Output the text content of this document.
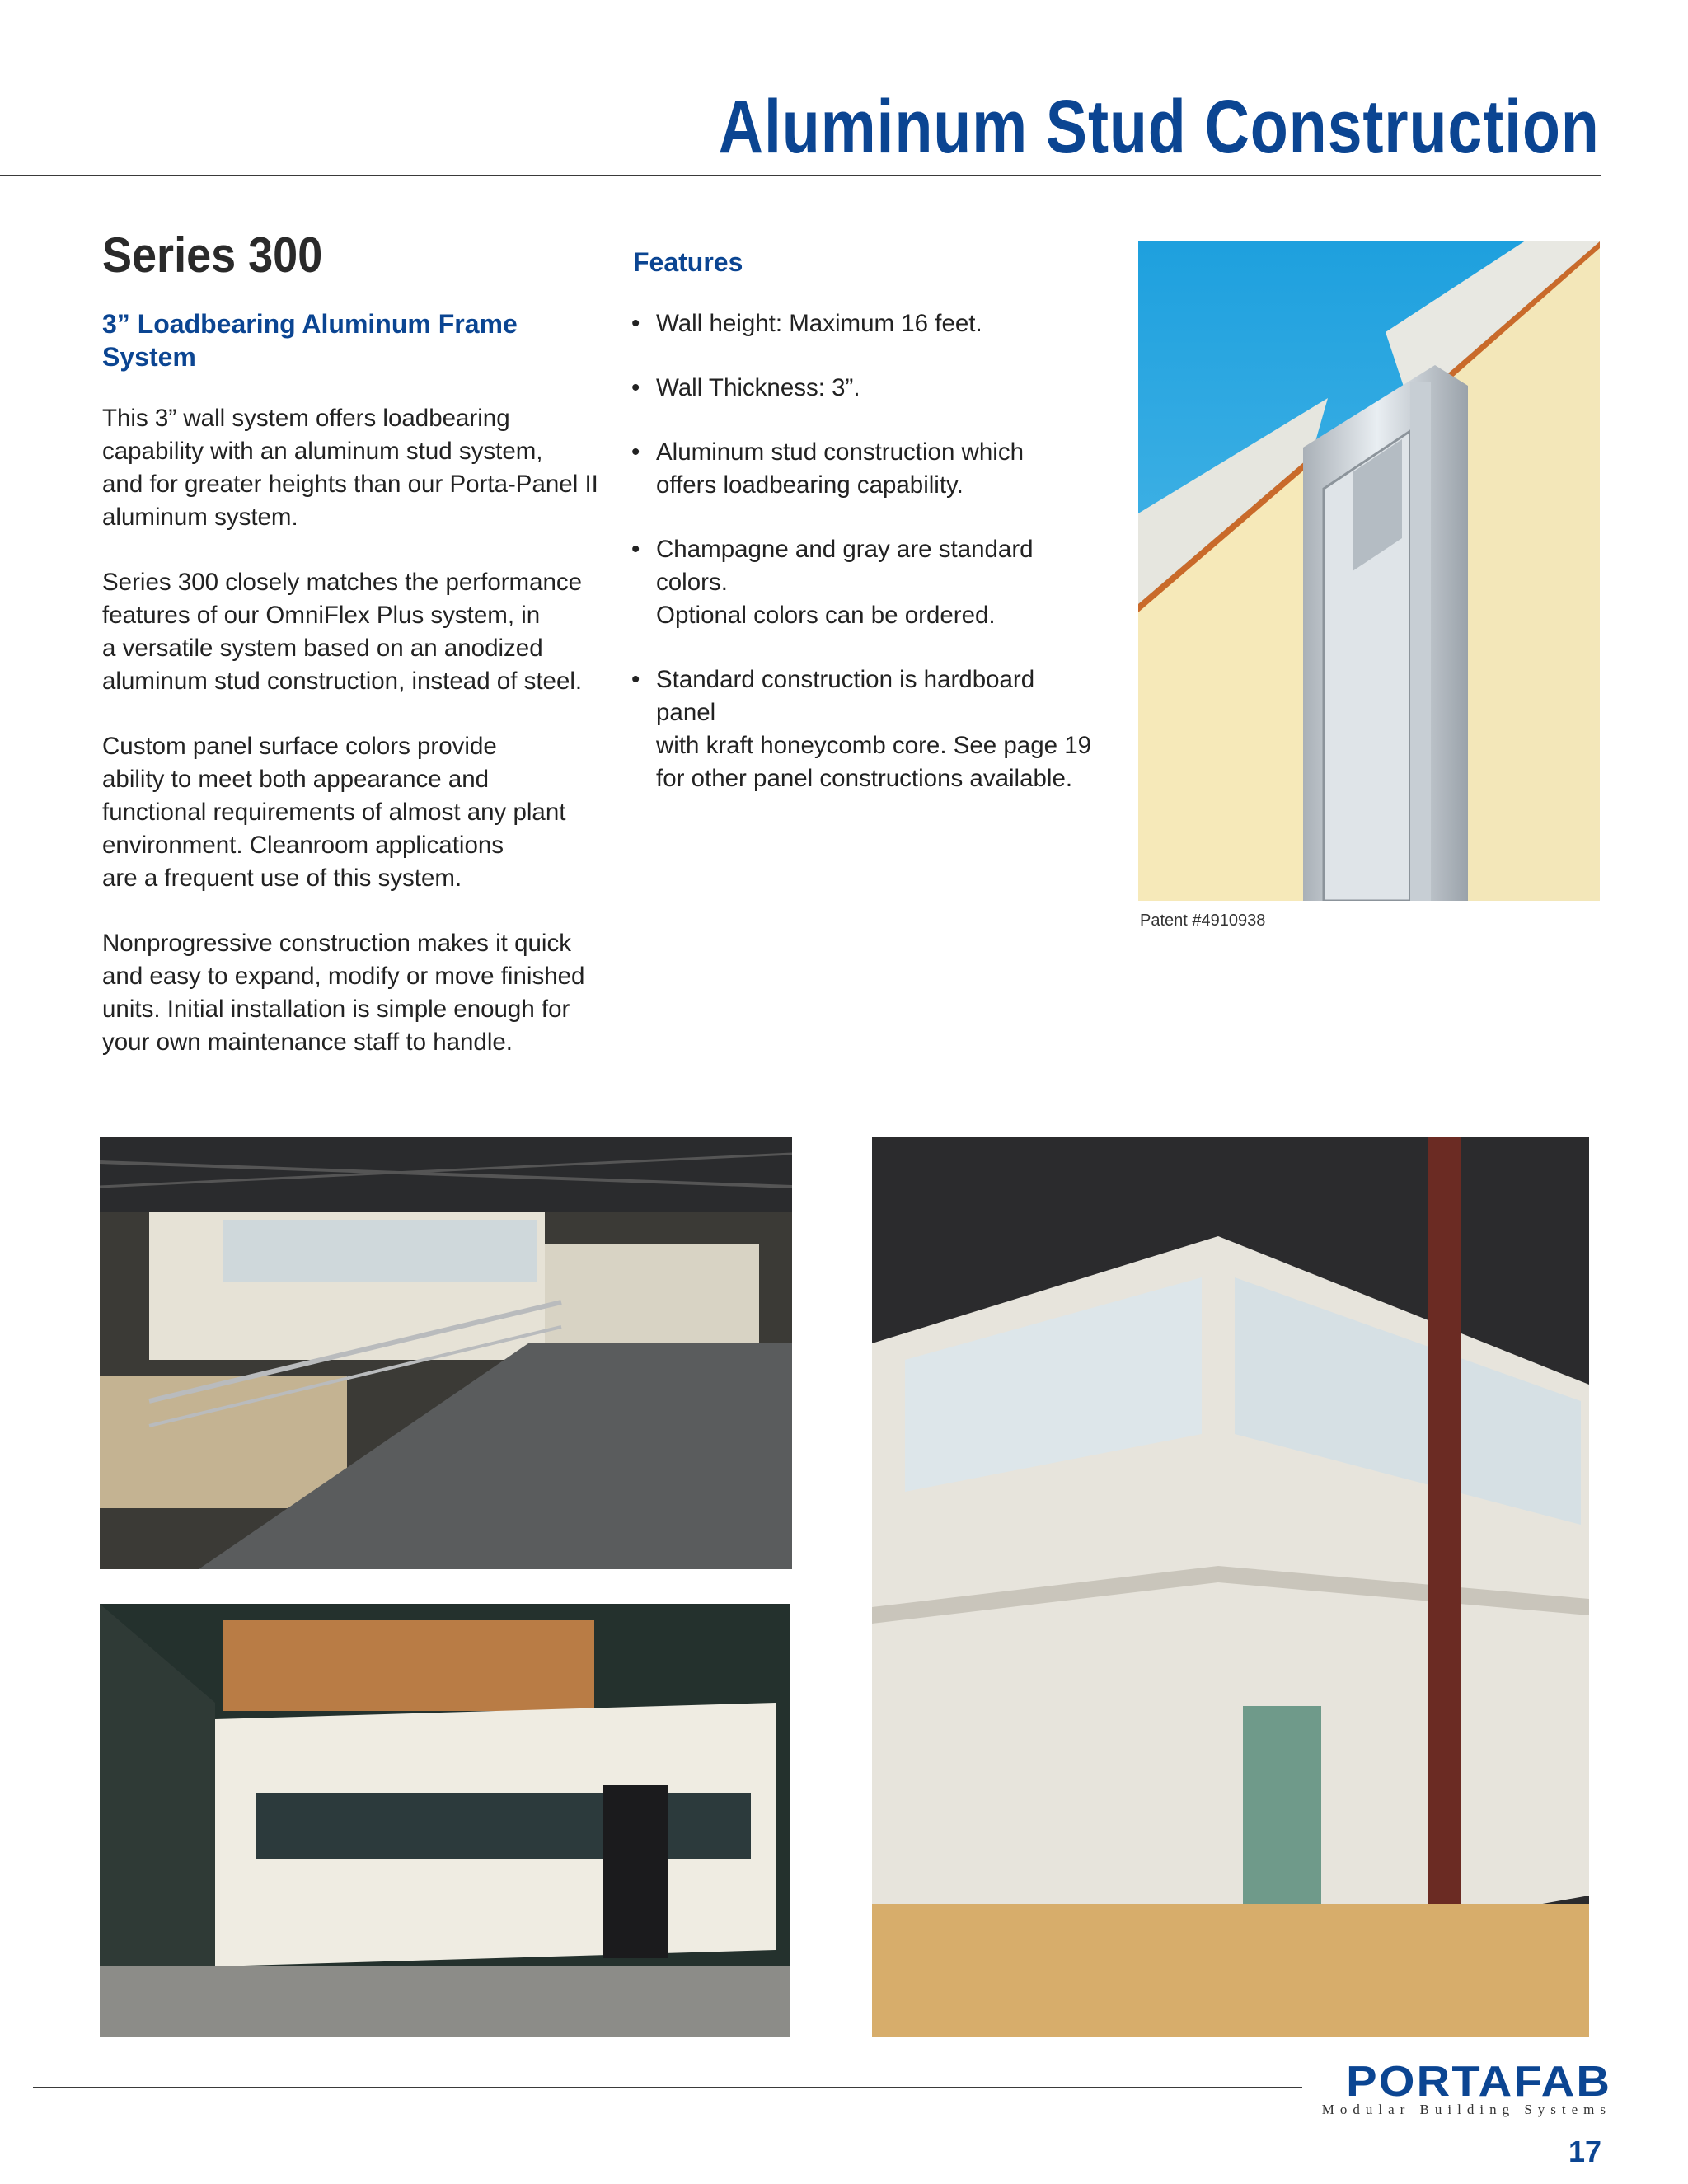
Aluminum Stud Construction
Series 300
3” Loadbearing Aluminum Frame System

This 3” wall system offers loadbearing
capability with an aluminum stud system,
and for greater heights than our Porta-Panel II
aluminum system.

Series 300 closely matches the performance
features of our OmniFlex Plus system, in
a versatile system based on an anodized
aluminum stud construction, instead of steel.

Custom panel surface colors provide
ability to meet both appearance and
functional requirements of almost any plant
environment. Cleanroom applications
are a frequent use of this system.

Nonprogressive construction makes it quick
and easy to expand, modify or move finished
units. Initial installation is simple enough for
your own maintenance staff to handle.

Features
• Wall height: Maximum 16 feet.
• Wall Thickness: 3”.
• Aluminum stud construction which
offers loadbearing capability.
• Champagne and gray are standard colors.
Optional colors can be ordered.
• Standard construction is hardboard panel
with kraft honeycomb core. See page 19
for other panel constructions available.
Patent #4910938
PORTAFAB
Modular Building Systems
17
